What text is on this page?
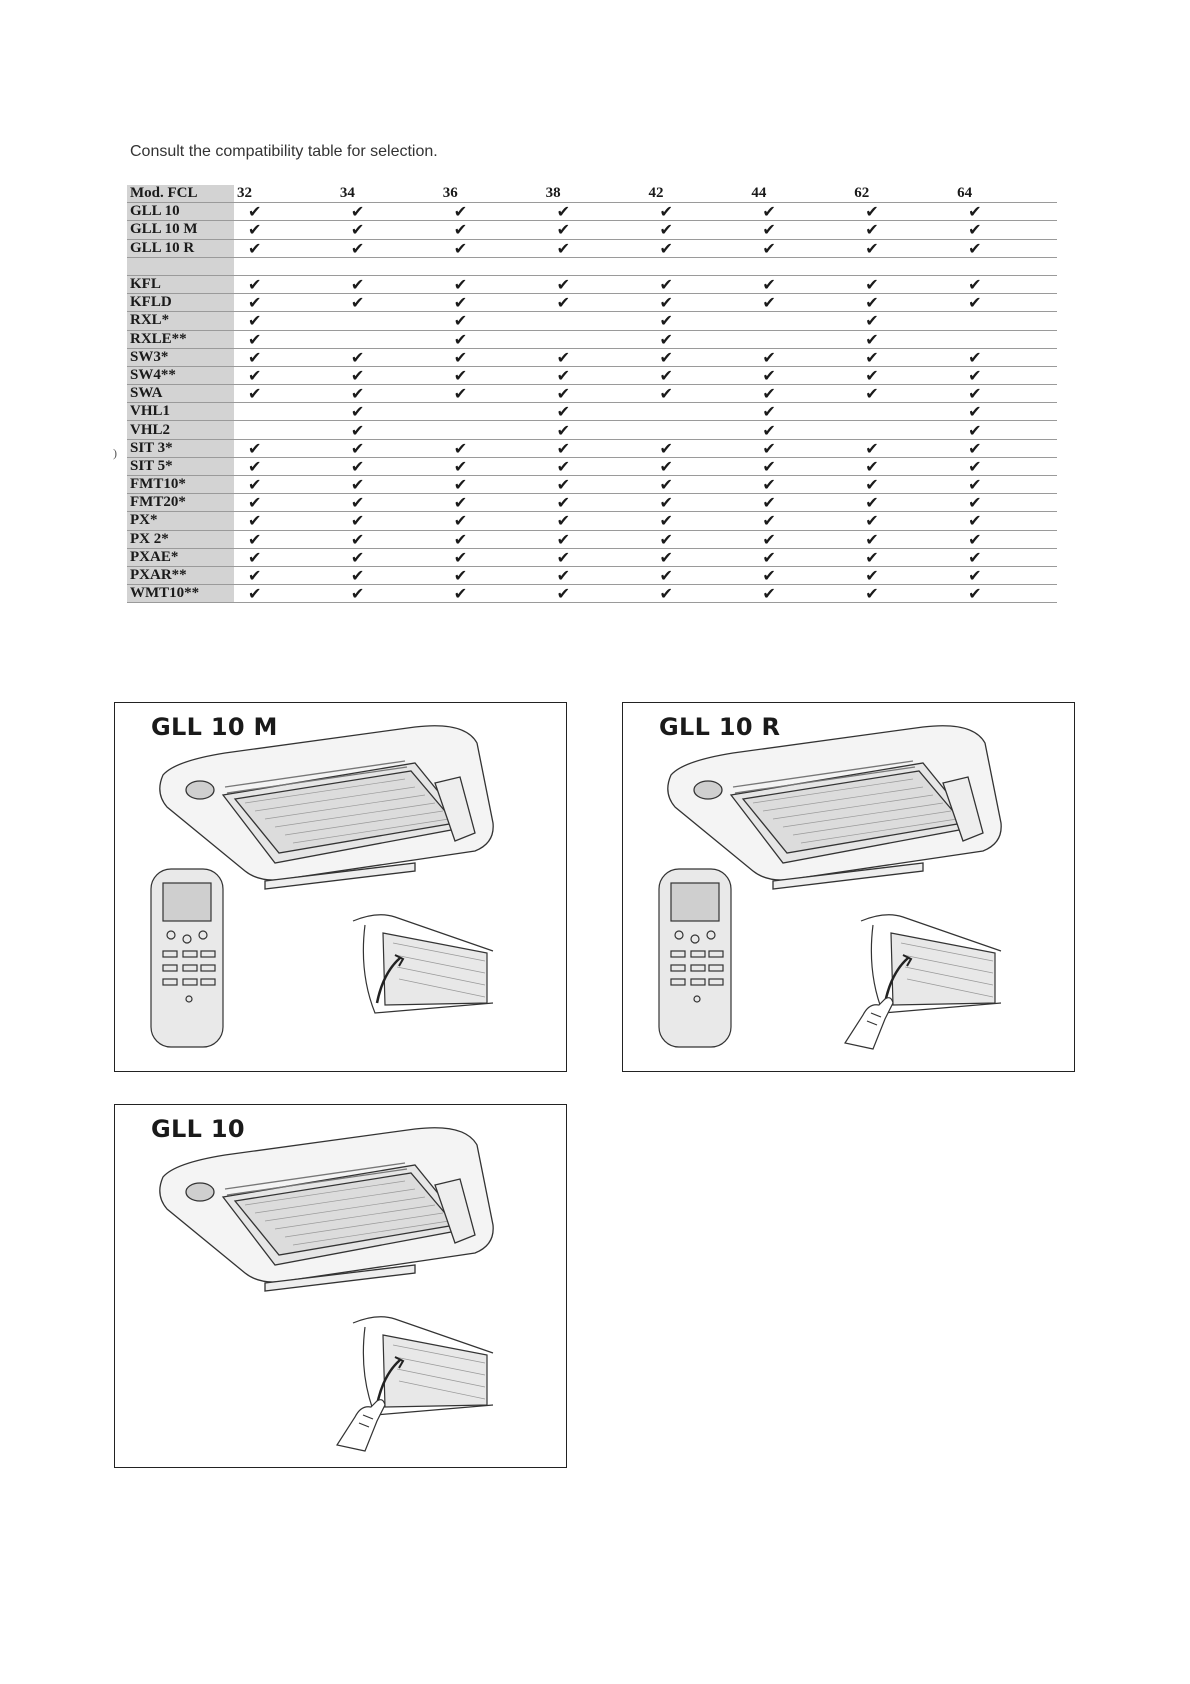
Consult the compatibility table for selection.
)
Mod. FCL	32	34	36	38	42	44	62	64
GLL 10	✔	✔	✔	✔	✔	✔	✔	✔
GLL 10 M	✔	✔	✔	✔	✔	✔	✔	✔
GLL 10 R	✔	✔	✔	✔	✔	✔	✔	✔

KFL	✔	✔	✔	✔	✔	✔	✔	✔
KFLD	✔	✔	✔	✔	✔	✔	✔	✔
RXL*	✔		✔		✔		✔	
RXLE**	✔		✔		✔		✔	
SW3*	✔	✔	✔	✔	✔	✔	✔	✔
SW4**	✔	✔	✔	✔	✔	✔	✔	✔
SWA	✔	✔	✔	✔	✔	✔	✔	✔
VHL1		✔		✔		✔		✔
VHL2		✔		✔		✔		✔
SIT 3*	✔	✔	✔	✔	✔	✔	✔	✔
SIT 5*	✔	✔	✔	✔	✔	✔	✔	✔
FMT10*	✔	✔	✔	✔	✔	✔	✔	✔
FMT20*	✔	✔	✔	✔	✔	✔	✔	✔
PX*	✔	✔	✔	✔	✔	✔	✔	✔
PX 2*	✔	✔	✔	✔	✔	✔	✔	✔
PXAE*	✔	✔	✔	✔	✔	✔	✔	✔
PXAR**	✔	✔	✔	✔	✔	✔	✔	✔
WMT10**	✔	✔	✔	✔	✔	✔	✔	✔
GLL 10 M	GLL 10 R
GLL 10
